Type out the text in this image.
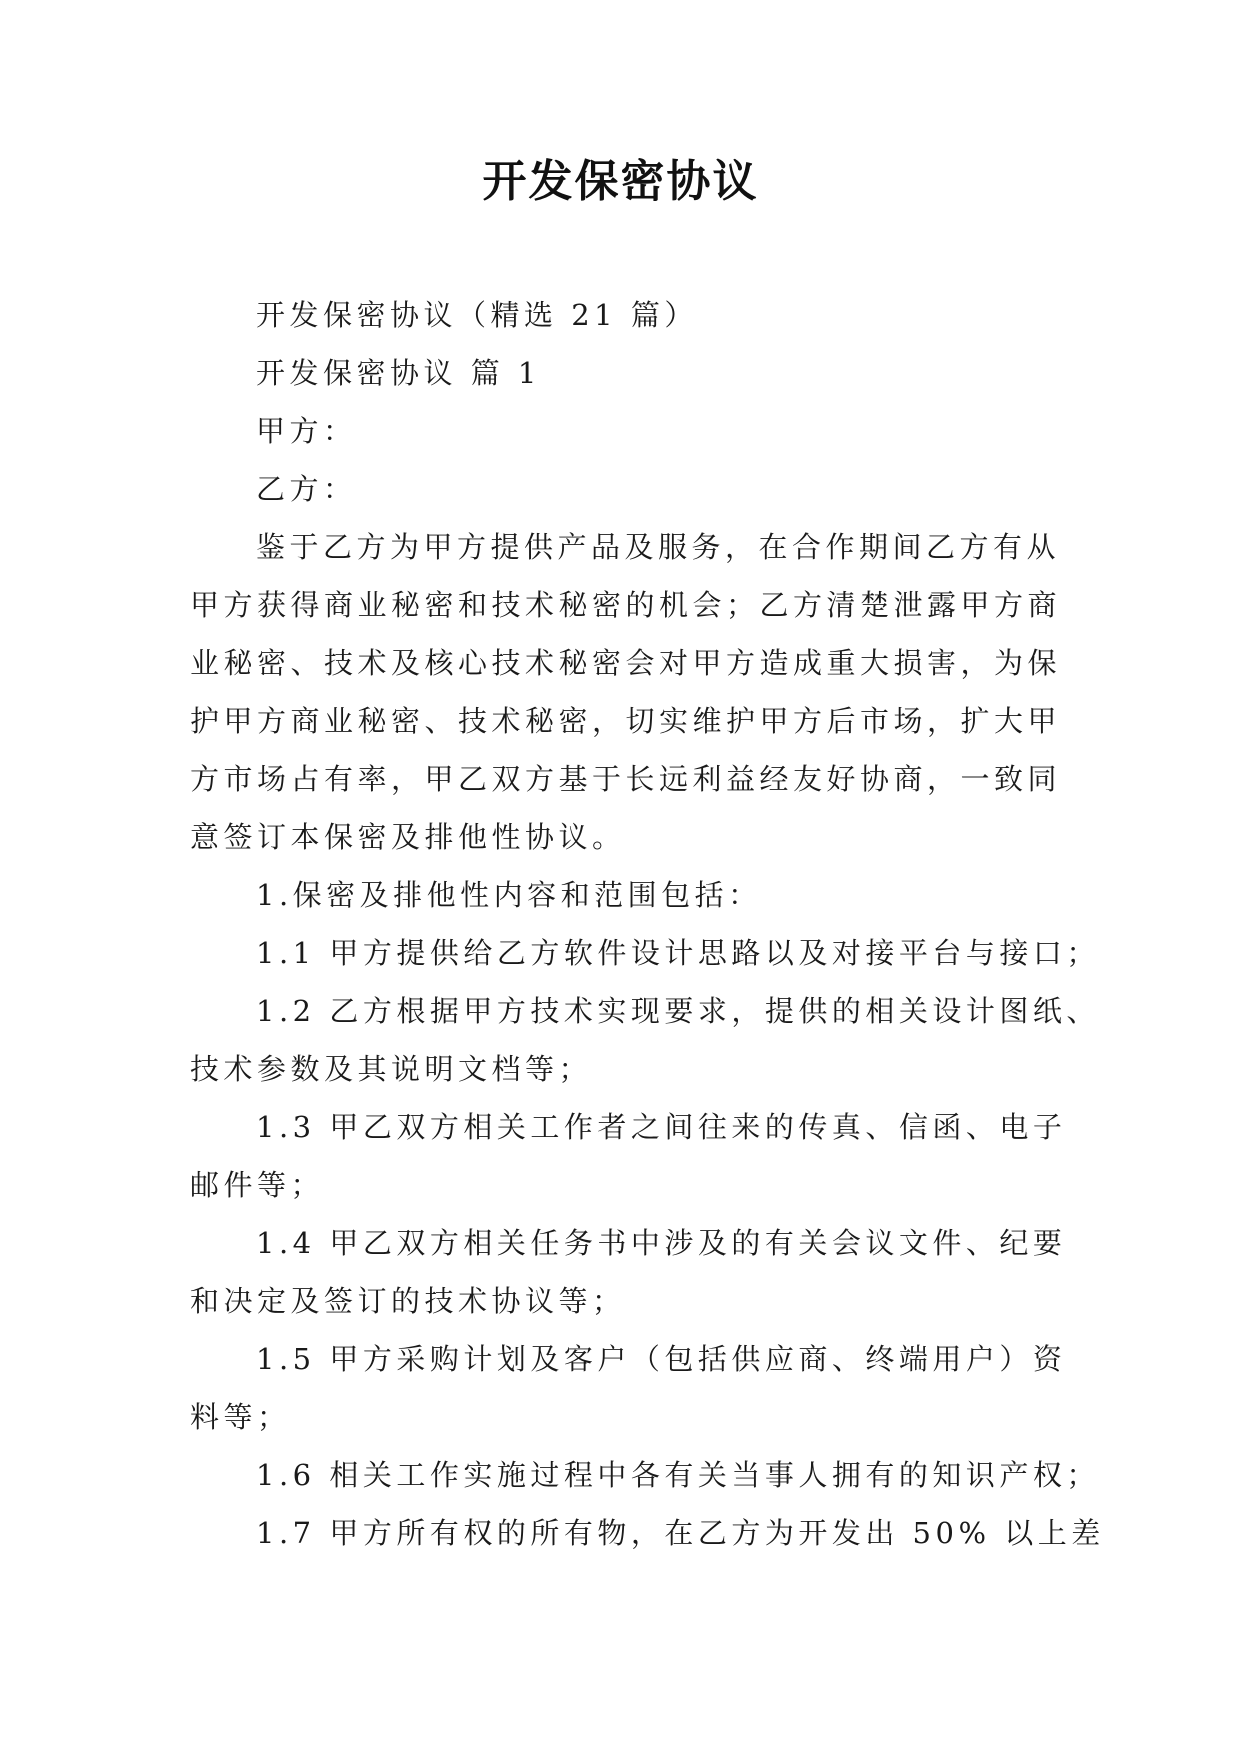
开发保密协议
开发保密协议（精选 21 篇）
开发保密协议 篇 1
甲方：
乙方：
鉴于乙方为甲方提供产品及服务，在合作期间乙方有从
甲方获得商业秘密和技术秘密的机会；乙方清楚泄露甲方商
业秘密、技术及核心技术秘密会对甲方造成重大损害，为保
护甲方商业秘密、技术秘密，切实维护甲方后市场，扩大甲
方市场占有率，甲乙双方基于长远利益经友好协商，一致同
意签订本保密及排他性协议。
1.保密及排他性内容和范围包括：
1.1 甲方提供给乙方软件设计思路以及对接平台与接口；
1.2 乙方根据甲方技术实现要求，提供的相关设计图纸、
技术参数及其说明文档等；
1.3 甲乙双方相关工作者之间往来的传真、信函、电子
邮件等；
1.4 甲乙双方相关任务书中涉及的有关会议文件、纪要
和决定及签订的技术协议等；
1.5 甲方采购计划及客户（包括供应商、终端用户）资
料等；
1.6 相关工作实施过程中各有关当事人拥有的知识产权；
1.7 甲方所有权的所有物，在乙方为开发出 50% 以上差
